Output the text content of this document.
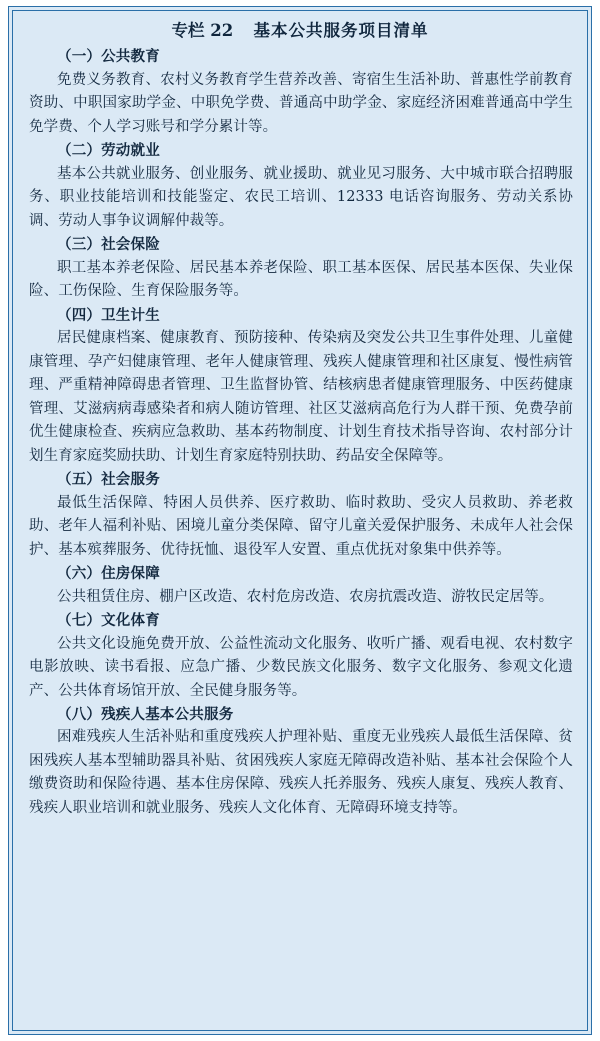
专栏 22 基本公共服务项目清单
（一）公共教育
免费义务教育、农村义务教育学生营养改善、寄宿生生活补助、普惠性学前教育资助、中职国家助学金、中职免学费、普通高中助学金、家庭经济困难普通高中学生免学费、个人学习账号和学分累计等。
（二）劳动就业
基本公共就业服务、创业服务、就业援助、就业见习服务、大中城市联合招聘服务、职业技能培训和技能鉴定、农民工培训、12333 电话咨询服务、劳动关系协调、劳动人事争议调解仲裁等。
（三）社会保险
职工基本养老保险、居民基本养老保险、职工基本医保、居民基本医保、失业保险、工伤保险、生育保险服务等。
（四）卫生计生
居民健康档案、健康教育、预防接种、传染病及突发公共卫生事件处理、儿童健康管理、孕产妇健康管理、老年人健康管理、残疾人健康管理和社区康复、慢性病管理、严重精神障碍患者管理、卫生监督协管、结核病患者健康管理服务、中医药健康管理、艾滋病病毒感染者和病人随访管理、社区艾滋病高危行为人群干预、免费孕前优生健康检查、疾病应急救助、基本药物制度、计划生育技术指导咨询、农村部分计划生育家庭奖励扶助、计划生育家庭特别扶助、药品安全保障等。
（五）社会服务
最低生活保障、特困人员供养、医疗救助、临时救助、受灾人员救助、养老救助、老年人福利补贴、困境儿童分类保障、留守儿童关爱保护服务、未成年人社会保护、基本殡葬服务、优待抚恤、退役军人安置、重点优抚对象集中供养等。
（六）住房保障
公共租赁住房、棚户区改造、农村危房改造、农房抗震改造、游牧民定居等。
（七）文化体育
公共文化设施免费开放、公益性流动文化服务、收听广播、观看电视、农村数字电影放映、读书看报、应急广播、少数民族文化服务、数字文化服务、参观文化遗产、公共体育场馆开放、全民健身服务等。
（八）残疾人基本公共服务
困难残疾人生活补贴和重度残疾人护理补贴、重度无业残疾人最低生活保障、贫困残疾人基本型辅助器具补贴、贫困残疾人家庭无障碍改造补贴、基本社会保险个人缴费资助和保险待遇、基本住房保障、残疾人托养服务、残疾人康复、残疾人教育、残疾人职业培训和就业服务、残疾人文化体育、无障碍环境支持等。
